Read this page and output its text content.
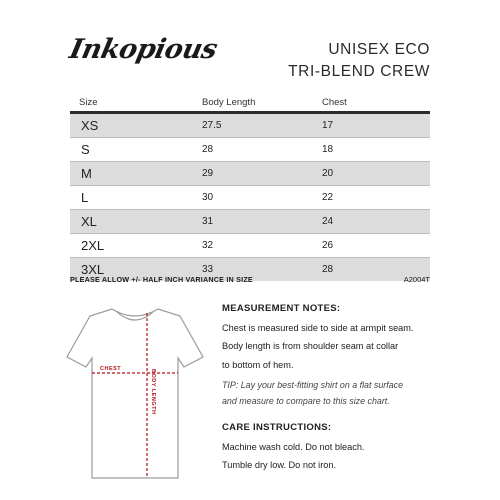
Inkopious	UNISEX ECO
TRI-BLEND CREW
Size	Body Length	Chest
XS	27.5	17
S	28	18
M	29	20
L	30	22
XL	31	24
2XL	32	26
3XL	33	28
PLEASE ALLOW +/- HALF INCH VARIANCE IN SIZE	A2004T
CHEST	BODY LENGTH
MEASUREMENT NOTES:
Chest is measured side to side at armpit seam.
Body length is from shoulder seam at collar
to bottom of hem.
TIP: Lay your best-fitting shirt on a flat surface
and measure to compare to this size chart.
CARE INSTRUCTIONS:
Machine wash cold. Do not bleach.
Tumble dry low. Do not iron.
